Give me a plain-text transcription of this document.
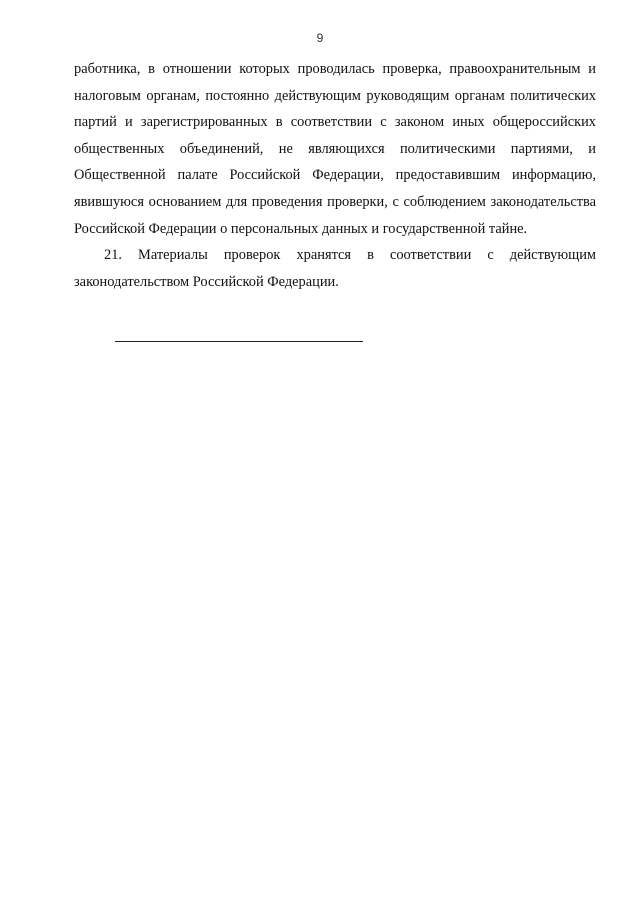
9

работника, в отношении которых проводилась проверка, правоохранительным и налоговым органам, постоянно действующим руководящим органам политических партий и зарегистрированных в соответствии с законом иных общероссийских общественных объединений, не являющихся политическими партиями, и Общественной палате Российской Федерации, предоставившим информацию, явившуюся основанием для проведения проверки, с соблюдением законодательства Российской Федерации о персональных данных и государственной тайне.

21. Материалы проверок хранятся в соответствии с действующим законодательством Российской Федерации.
